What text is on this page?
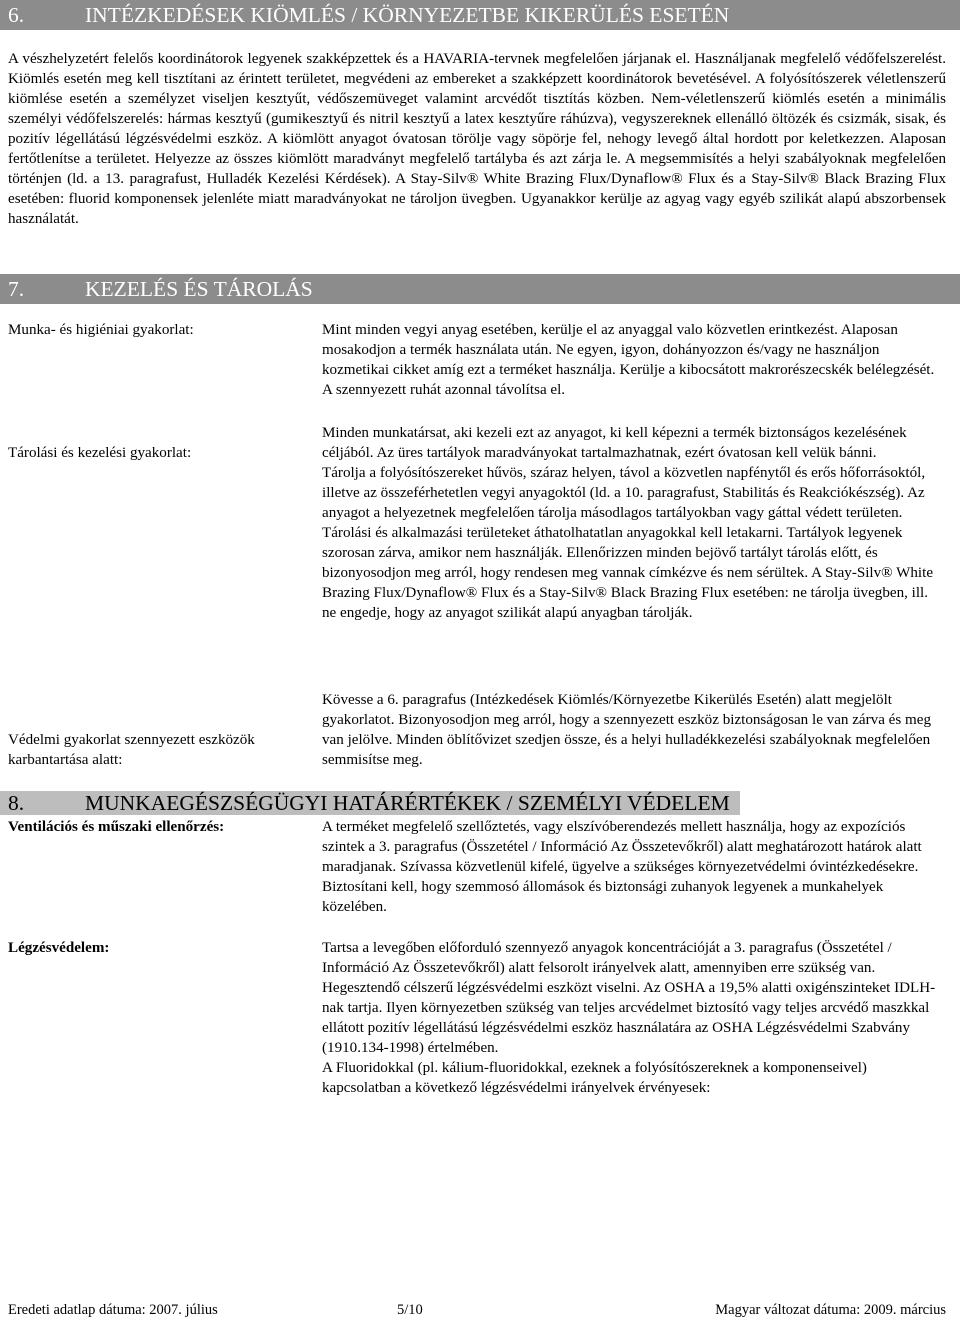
6.	INTÉZKEDÉSEK KIÖMLÉS / KÖRNYEZETBE KIKERÜLÉS ESETÉN

A vészhelyzetért felelős koordinátorok legyenek szakképzettek és a HAVARIA-tervnek megfelelően járjanak el. Használjanak megfelelő védőfelszerelést. Kiömlés esetén meg kell tisztítani az érintett területet, megvédeni az embereket a szakképzett koordinátorok bevetésével. A folyósítószerek véletlenszerű kiömlése esetén a személyzet viseljen kesztyűt, védőszemüveget valamint arcvédőt tisztítás közben. Nem-véletlenszerű kiömlés esetén a minimális személyi védőfelszerelés: hármas kesztyű (gumikesztyű és nitril kesztyű a latex kesztyűre ráhúzva), vegyszereknek ellenálló öltözék és csizmák, sisak, és pozitív légellátású légzésvédelmi eszköz. A kiömlött anyagot óvatosan törölje vagy söpörje fel, nehogy levegő által hordott por keletkezzen. Alaposan fertőtlenítse a területet. Helyezze az összes kiömlött maradványt megfelelő tartályba és azt zárja le. A megsemmisítés a helyi szabályoknak megfelelően történjen (ld. a 13. paragrafust, Hulladék Kezelési Kérdések). A Stay-Silv® White Brazing Flux/Dynaflow® Flux és a Stay-Silv® Black Brazing Flux esetében: fluorid komponensek jelenléte miatt maradványokat ne tároljon üvegben. Ugyanakkor kerülje az agyag vagy egyéb szilikát alapú abszorbensek használatát.

7.	KEZELÉS ÉS TÁROLÁS
Munka- és higiéniai gyakorlat:	Mint minden vegyi anyag esetében, kerülje el az anyaggal valo közvetlen erintkezést. Alaposan mosakodjon a termék használata után. Ne egyen, igyon, dohányozzon és/vagy ne használjon kozmetikai cikket amíg ezt a terméket használja. Kerülje a kibocsátott makrorészecskék belélegzését. A szennyezett ruhát azonnal távolítsa el.
Tárolási és kezelési gyakorlat:
Minden munkatársat, aki kezeli ezt az anyagot, ki kell képezni a termék biztonságos kezelésének céljából. Az üres tartályok maradványokat tartalmazhatnak, ezért óvatosan kell velük bánni.
Tárolja a folyósítószereket hűvös, száraz helyen, távol a közvetlen napfénytől és erős hőforrásoktól, illetve az összeférhetetlen vegyi anyagoktól (ld. a 10. paragrafust, Stabilitás és Reakciókészség). Az anyagot a helyezetnek megfelelően tárolja másodlagos tartályokban vagy gáttal védett területen. Tárolási és alkalmazási területeket áthatolhatatlan anyagokkal kell letakarni. Tartályok legyenek szorosan zárva, amikor nem használják. Ellenőrizzen minden bejövő tartályt tárolás előtt, és bizonyosodjon meg arról, hogy rendesen meg vannak címkézve és nem sérültek. A Stay-Silv® White Brazing Flux/Dynaflow® Flux és a Stay-Silv® Black Brazing Flux esetében: ne tárolja üvegben, ill. ne engedje, hogy az anyagot szilikát alapú anyagban tárolják.
Védelmi gyakorlat szennyezett eszközök karbantartása alatt:
Kövesse a 6. paragrafus (Intézkedések Kiömlés/Környezetbe Kikerülés Esetén) alatt megjelölt gyakorlatot. Bizonyosodjon meg arról, hogy a szennyezett eszköz biztonságosan le van zárva és meg van jelölve. Minden öblítővizet szedjen össze, és a helyi hulladékkezelési szabályoknak megfelelően semmisítse meg.
8.	MUNKAEGÉSZSÉGÜGYI HATÁRÉRTÉKEK / SZEMÉLYI VÉDELEM
Ventilációs és műszaki ellenőrzés:	A terméket megfelelő szellőztetés, vagy elszívóberendezés mellett használja, hogy az expozíciós szintek a 3. paragrafus (Összetétel / Információ Az Összetevőkről) alatt meghatározott határok alatt maradjanak. Szívassa közvetlenül kifelé, ügyelve a szükséges környezetvédelmi óvintézkedésekre. Biztosítani kell, hogy szemmosó állomások és biztonsági zuhanyok legyenek a munkahelyek közelében.
Légzésvédelem:	Tartsa a levegőben előforduló szennyező anyagok koncentrációját a 3. paragrafus (Összetétel / Információ Az Összetevőkről) alatt felsorolt irányelvek alatt, amennyiben erre szükség van.
Hegesztendő célszerű légzésvédelmi eszközt viselni. Az OSHA a 19,5% alatti oxigénszinteket IDLH-nak tartja. Ilyen környezetben szükség van teljes arcvédelmet biztosító vagy teljes arcvédő maszkkal ellátott pozitív légellátású légzésvédelmi eszköz használatára az OSHA Légzésvédelmi Szabvány (1910.134-1998) értelmében.
A Fluoridokkal (pl. kálium-fluoridokkal, ezeknek a folyósítószereknek a komponenseivel) kapcsolatban a következő légzésvédelmi irányelvek érvényesek:
Eredeti adatlap dátuma: 2007. július	5/10	Magyar változat dátuma: 2009. március
